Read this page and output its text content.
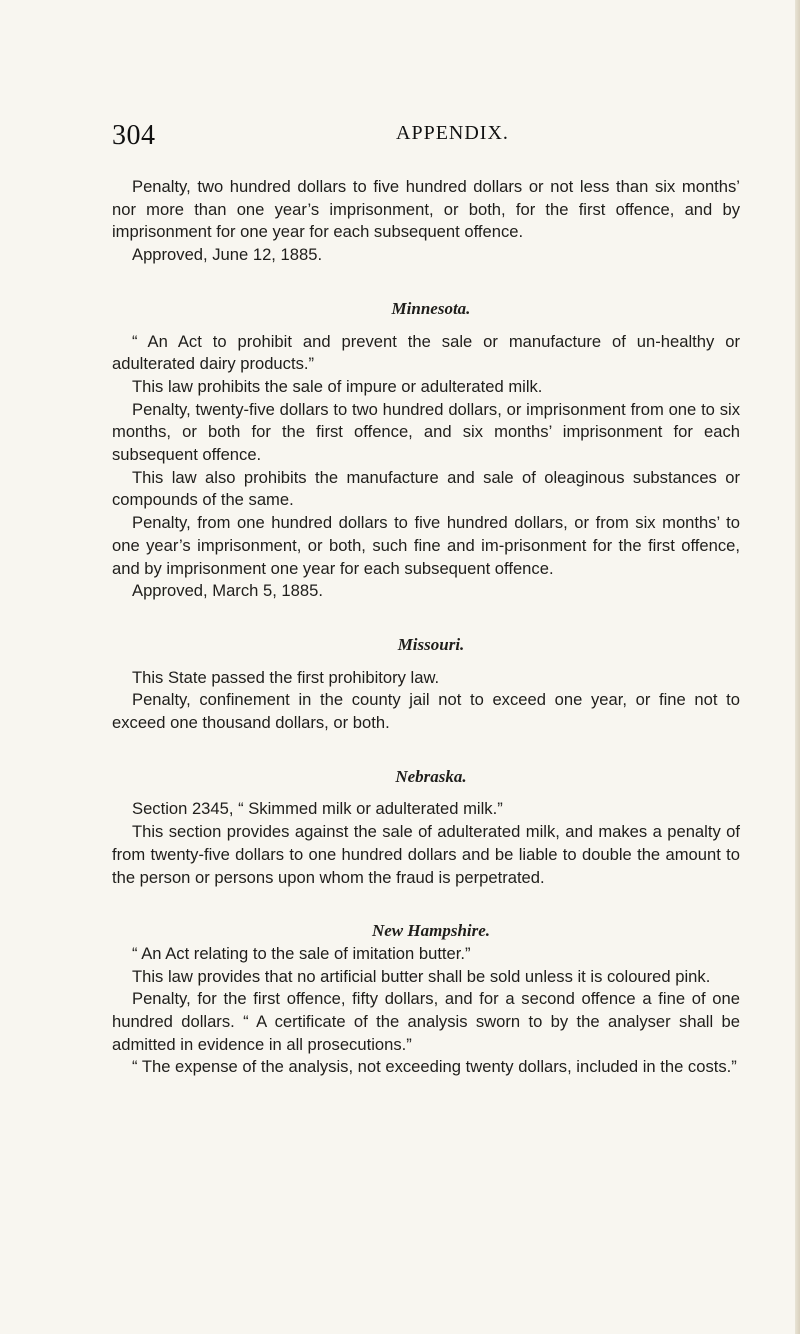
304	APPENDIX.

Penalty, two hundred dollars to five hundred dollars or not less than six months’ nor more than one year’s imprisonment, or both, for the first offence, and by imprisonment for one year for each subsequent offence.

Approved, June 12, 1885.

Minnesota.

“ An Act to prohibit and prevent the sale or manufacture of un-healthy or adulterated dairy products.”

This law prohibits the sale of impure or adulterated milk.

Penalty, twenty-five dollars to two hundred dollars, or imprisonment from one to six months, or both for the first offence, and six months’ imprisonment for each subsequent offence.

This law also prohibits the manufacture and sale of oleaginous substances or compounds of the same.

Penalty, from one hundred dollars to five hundred dollars, or from six months’ to one year’s imprisonment, or both, such fine and im-prisonment for the first offence, and by imprisonment one year for each subsequent offence.

Approved, March 5, 1885.

Missouri.

This State passed the first prohibitory law.

Penalty, confinement in the county jail not to exceed one year, or fine not to exceed one thousand dollars, or both.

Nebraska.

Section 2345, “ Skimmed milk or adulterated milk.”

This section provides against the sale of adulterated milk, and makes a penalty of from twenty-five dollars to one hundred dollars and be liable to double the amount to the person or persons upon whom the fraud is perpetrated.

New Hampshire.

“ An Act relating to the sale of imitation butter.”

This law provides that no artificial butter shall be sold unless it is coloured pink.

Penalty, for the first offence, fifty dollars, and for a second offence a fine of one hundred dollars. “ A certificate of the analysis sworn to by the analyser shall be admitted in evidence in all prosecutions.”

“ The expense of the analysis, not exceeding twenty dollars, included in the costs.”
